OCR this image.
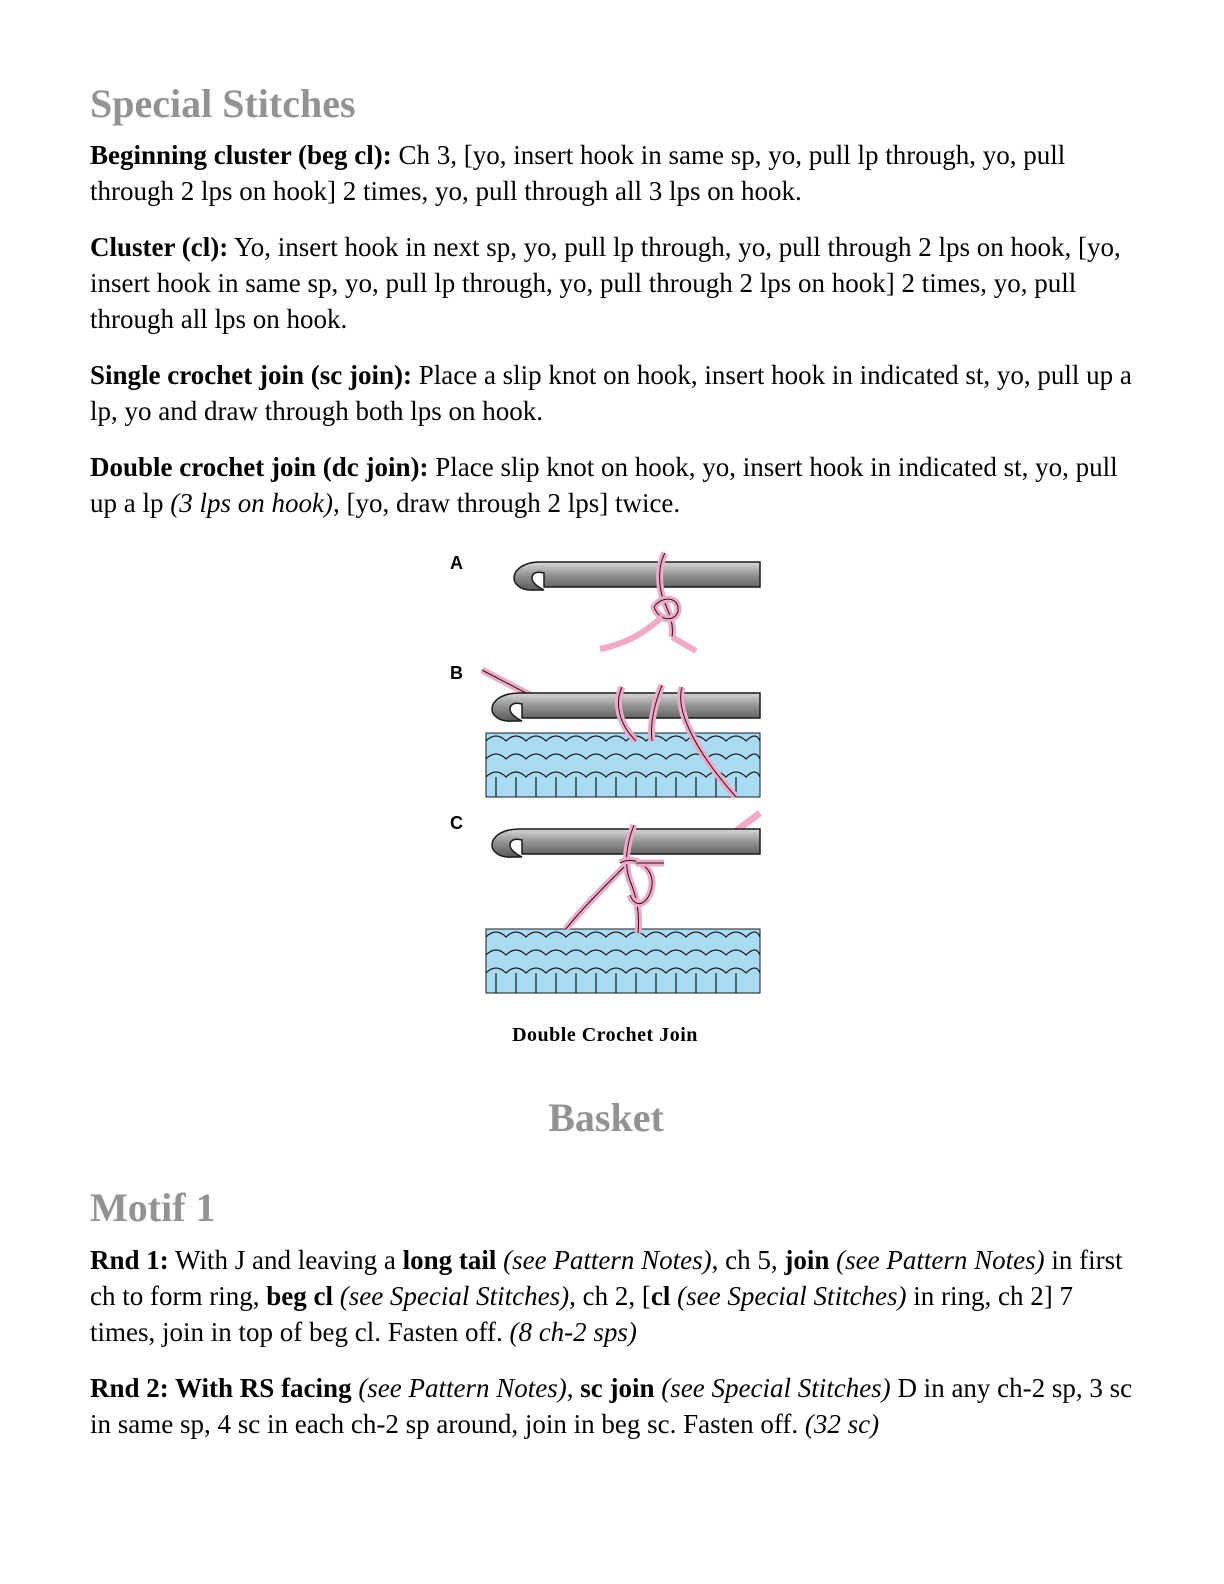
Special Stitches

Beginning cluster (beg cl): Ch 3, [yo, insert hook in same sp, yo, pull lp through, yo, pull through 2 lps on hook] 2 times, yo, pull through all 3 lps on hook.

Cluster (cl): Yo, insert hook in next sp, yo, pull lp through, yo, pull through 2 lps on hook, [yo, insert hook in same sp, yo, pull lp through, yo, pull through 2 lps on hook] 2 times, yo, pull through all lps on hook.

Single crochet join (sc join): Place a slip knot on hook, insert hook in indicated st, yo, pull up a lp, yo and draw through both lps on hook.

Double crochet join (dc join): Place slip knot on hook, yo, insert hook in indicated st, yo, pull up a lp (3 lps on hook), [yo, draw through 2 lps] twice.

A
B
C
Double Crochet Join
Basket
Motif 1

Rnd 1: With J and leaving a long tail (see Pattern Notes), ch 5, join (see Pattern Notes) in first ch to form ring, beg cl (see Special Stitches), ch 2, [cl (see Special Stitches) in ring, ch 2] 7 times, join in top of beg cl. Fasten off. (8 ch-2 sps)

Rnd 2: With RS facing (see Pattern Notes), sc join (see Special Stitches) D in any ch-2 sp, 3 sc in same sp, 4 sc in each ch-2 sp around, join in beg sc. Fasten off. (32 sc)
